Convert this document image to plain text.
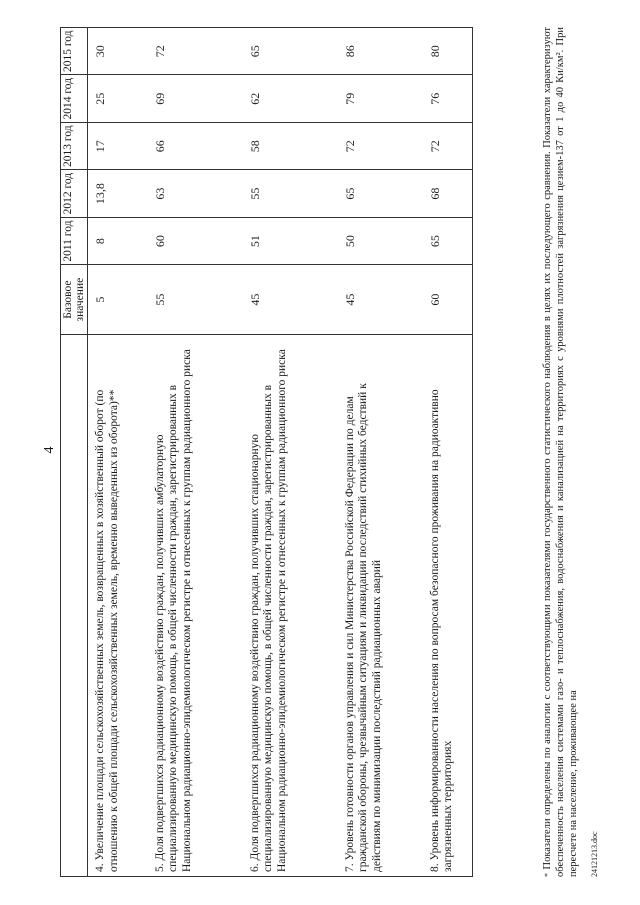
4
	Базовое значение	2011 год	2012 год	2013 год	2014 год	2015 год
4. Увеличение площади сельскохозяйственных земель, возвращенных в хозяйственный оборот (по отношению к общей площади сельскохозяйственных земель, временно выведенных из оборота)**	5	8	13,8	17	25	30
5. Доля подвергшихся радиационному воздействию граждан, получивших амбулаторную специализированную медицинскую помощь, в общей численности граждан, зарегистрированных в Национальном радиационно-эпидемиологическом регистре и отнесенных к группам радиационного риска	55	60	63	66	69	72
6. Доля подвергшихся радиационному воздействию граждан, получивших стационарную специализированную медицинскую помощь, в общей численности граждан, зарегистрированных в Национальном радиационно-эпидемиологическом регистре и отнесенных к группам радиационного риска	45	51	55	58	62	65
7. Уровень готовности органов управления и сил Министерства Российской Федерации по делам гражданской обороны, чрезвычайным ситуациям и ликвидации последствий стихийных бедствий к действиям по минимизации последствий радиационных аварий	45	50	65	72	79	86
8. Уровень информированности населения по вопросам безопасного проживания на радиоактивно загрязненных территориях	60	65	68	72	76	80
* Показатели определены по аналогии с соответствующими показателями государственного статистического наблюдения в целях их последующего сравнения. Показатели характеризуют обеспеченность населения системами газо- и теплоснабжения, водоснабжения и канализацией на территориях с уровнями плотностей загрязнения цезием-137 от 1 до 40 Ки/км². При пересчете на население, проживающее на 2412121З.doc
